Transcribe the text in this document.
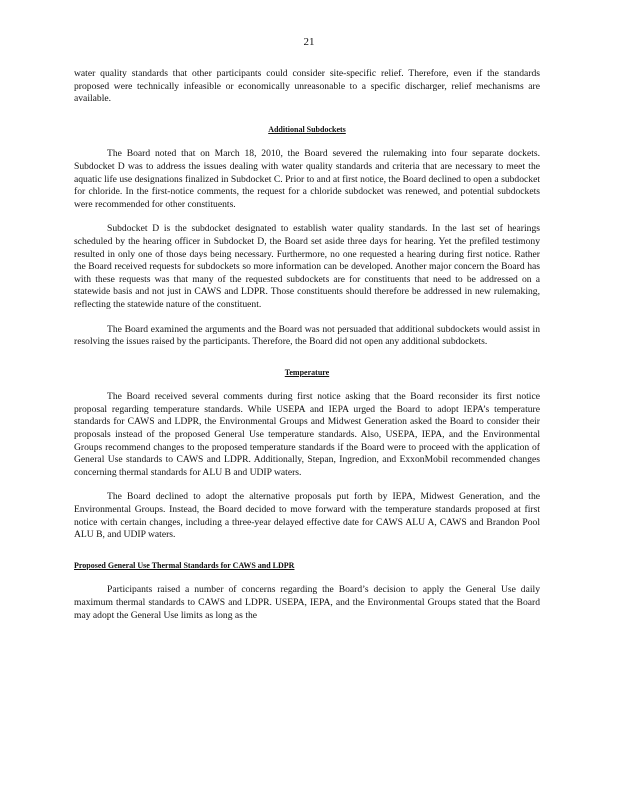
21

water quality standards that other participants could consider site-specific relief. Therefore, even if the standards proposed were technically infeasible or economically unreasonable to a specific discharger, relief mechanisms are available.

Additional Subdockets

The Board noted that on March 18, 2010, the Board severed the rulemaking into four separate dockets. Subdocket D was to address the issues dealing with water quality standards and criteria that are necessary to meet the aquatic life use designations finalized in Subdocket C. Prior to and at first notice, the Board declined to open a subdocket for chloride. In the first-notice comments, the request for a chloride subdocket was renewed, and potential subdockets were recommended for other constituents.

Subdocket D is the subdocket designated to establish water quality standards. In the last set of hearings scheduled by the hearing officer in Subdocket D, the Board set aside three days for hearing. Yet the prefiled testimony resulted in only one of those days being necessary. Furthermore, no one requested a hearing during first notice. Rather the Board received requests for subdockets so more information can be developed. Another major concern the Board has with these requests was that many of the requested subdockets are for constituents that need to be addressed on a statewide basis and not just in CAWS and LDPR. Those constituents should therefore be addressed in new rulemaking, reflecting the statewide nature of the constituent.

The Board examined the arguments and the Board was not persuaded that additional subdockets would assist in resolving the issues raised by the participants. Therefore, the Board did not open any additional subdockets.

Temperature

The Board received several comments during first notice asking that the Board reconsider its first notice proposal regarding temperature standards. While USEPA and IEPA urged the Board to adopt IEPA’s temperature standards for CAWS and LDPR, the Environmental Groups and Midwest Generation asked the Board to consider their proposals instead of the proposed General Use temperature standards. Also, USEPA, IEPA, and the Environmental Groups recommend changes to the proposed temperature standards if the Board were to proceed with the application of General Use standards to CAWS and LDPR. Additionally, Stepan, Ingredion, and ExxonMobil recommended changes concerning thermal standards for ALU B and UDIP waters.

The Board declined to adopt the alternative proposals put forth by IEPA, Midwest Generation, and the Environmental Groups. Instead, the Board decided to move forward with the temperature standards proposed at first notice with certain changes, including a three-year delayed effective date for CAWS ALU A, CAWS and Brandon Pool ALU B, and UDIP waters.

Proposed General Use Thermal Standards for CAWS and LDPR

Participants raised a number of concerns regarding the Board’s decision to apply the General Use daily maximum thermal standards to CAWS and LDPR. USEPA, IEPA, and the Environmental Groups stated that the Board may adopt the General Use limits as long as the
